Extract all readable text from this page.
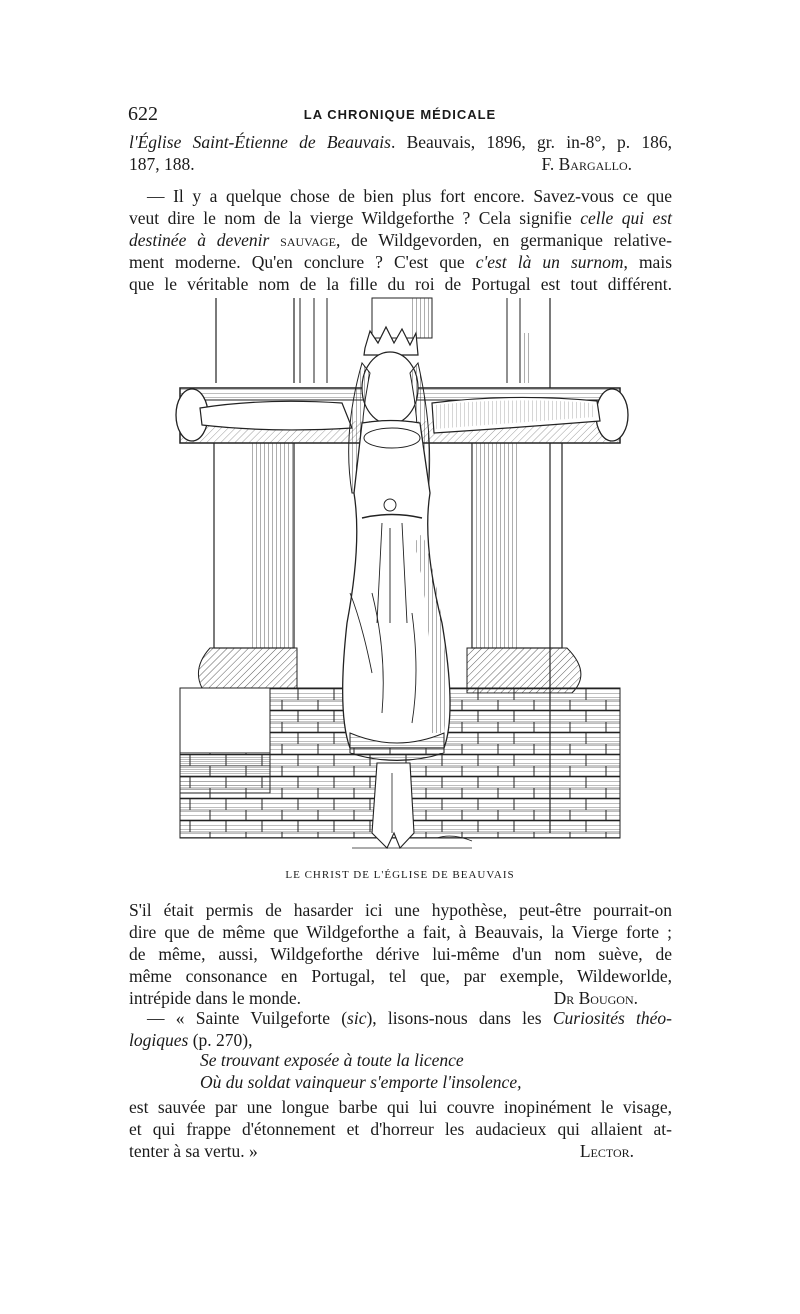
622	LA CHRONIQUE MÉDICALE
l'Église Saint-Étienne de Beauvais. Beauvais, 1896, gr. in-8°, p. 186,
187, 188.	F. Bargallo.
— Il y a quelque chose de bien plus fort encore. Savez-vous ce que
veut dire le nom de la vierge Wildgeforthe ? Cela signifie celle qui est
destinée à devenir sauvage, de Wildgevorden, en germanique relative-
ment moderne. Qu'en conclure ? C'est que c'est là un surnom, mais
que le véritable nom de la fille du roi de Portugal est tout différent.
LE CHRIST DE L'ÉGLISE DE BEAUVAIS
S'il était permis de hasarder ici une hypothèse, peut-être pourrait-on
dire que de même que Wildgeforthe a fait, à Beauvais, la Vierge forte ;
de même, aussi, Wildgeforthe dérive lui-même d'un nom suève, de
même consonance en Portugal, tel que, par exemple, Wildeworlde,
intrépide dans le monde.	Dr Bougon.
— « Sainte Vuilgeforte (sic), lisons-nous dans les Curiosités théo-
logiques (p. 270),
Se trouvant exposée à toute la licence
Où du soldat vainqueur s'emporte l'insolence,
est sauvée par une longue barbe qui lui couvre inopinément le visage,
et qui frappe d'étonnement et d'horreur les audacieux qui allaient at-
tenter à sa vertu. »	Lector.
